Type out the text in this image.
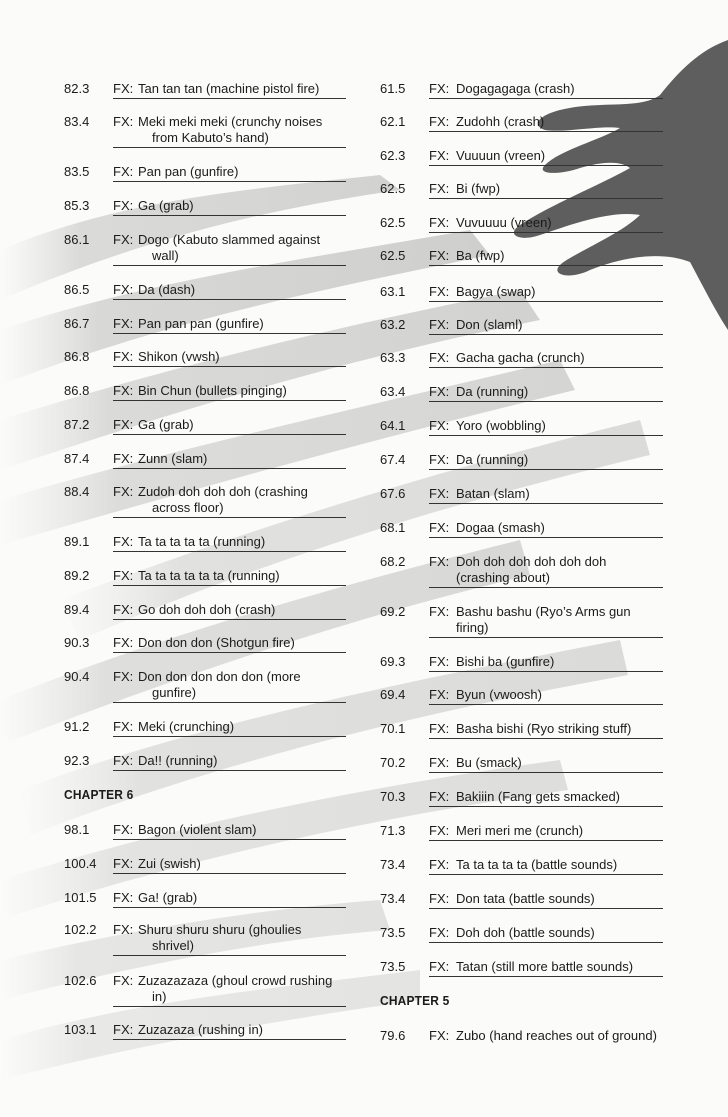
82.3 FX: Tan tan tan (machine pistol fire)
83.4 FX: Meki meki meki (crunchy noises
from Kabuto’s hand)
83.5 FX: Pan pan (gunfire)
85.3 FX: Ga (grab)
86.1 FX: Dogo (Kabuto slammed against
wall)
86.5 FX: Da (dash)
86.7 FX: Pan pan pan (gunfire)
86.8 FX: Shikon (vwsh)
86.8 FX: Bin Chun (bullets pinging)
87.2 FX: Ga (grab)
87.4 FX: Zunn (slam)
88.4 FX: Zudoh doh doh doh (crashing
across floor)
89.1 FX: Ta ta ta ta ta (running)
89.2 FX: Ta ta ta ta ta ta (running)
89.4 FX: Go doh doh doh (crash)
90.3 FX: Don don don (Shotgun fire)
90.4 FX: Don don don don don (more
gunfire)
91.2 FX: Meki (crunching)
92.3 FX: Da!! (running)
CHAPTER 6
98.1 FX: Bagon (violent slam)
100.4 FX: Zui (swish)
101.5 FX: Ga! (grab)
102.2 FX: Shuru shuru shuru (ghoulies
shrivel)
102.6 FX: Zuzazazaza (ghoul crowd rushing
in)
103.1 FX: Zuzazaza (rushing in)
61.5 FX: Dogagagaga (crash)
62.1 FX: Zudohh (crash)
62.3 FX: Vuuuun (vreen)
62.5 FX: Bi (fwp)
62.5 FX: Vuvuuuu (vreen)
62.5 FX: Ba (fwp)
63.1 FX: Bagya (swap)
63.2 FX: Don (slaml)
63.3 FX: Gacha gacha (crunch)
63.4 FX: Da (running)
64.1 FX: Yoro (wobbling)
67.4 FX: Da (running)
67.6 FX: Batan (slam)
68.1 FX: Dogaa (smash)
68.2 FX: Doh doh doh doh doh doh
(crashing about)
69.2 FX: Bashu bashu (Ryo’s Arms gun
firing)
69.3 FX: Bishi ba (gunfire)
69.4 FX: Byun (vwoosh)
70.1 FX: Basha bishi (Ryo striking stuff)
70.2 FX: Bu (smack)
70.3 FX: Bakiiin (Fang gets smacked)
71.3 FX: Meri meri me (crunch)
73.4 FX: Ta ta ta ta ta (battle sounds)
73.4 FX: Don tata (battle sounds)
73.5 FX: Doh doh (battle sounds)
73.5 FX: Tatan (still more battle sounds)
CHAPTER 5
79.6 FX: Zubo (hand reaches out of ground)
